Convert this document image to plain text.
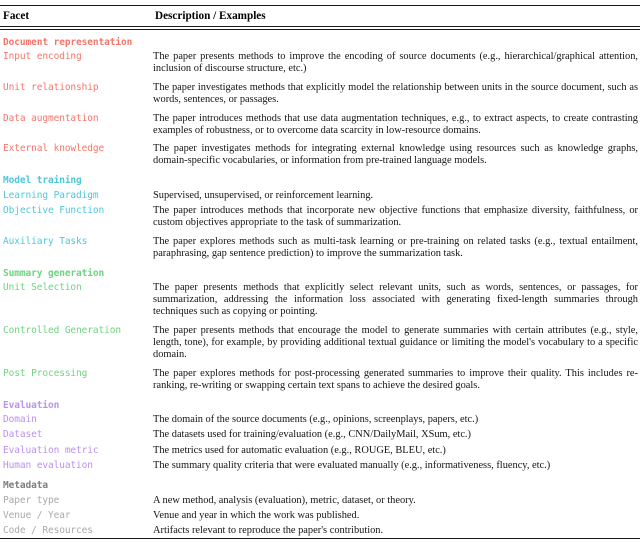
Facet	Description / Examples

Document representation	
Input encoding	The paper presents methods to improve the encoding of source documents (e.g., hierarchical/graphical attention, inclusion of discourse structure, etc.)
Unit relationship	The paper investigates methods that explicitly model the relationship between units in the source document, such as words, sentences, or passages.
Data augmentation	The paper introduces methods that use data augmentation techniques, e.g., to extract aspects, to create contrasting examples of robustness, or to overcome data scarcity in low-resource domains.
External knowledge	The paper investigates methods for integrating external knowledge using resources such as knowledge graphs, domain-specific vocabularies, or information from pre-trained language models.
Model training	
Learning Paradigm	Supervised, unsupervised, or reinforcement learning.
Objective Function	The paper introduces methods that incorporate new objective functions that emphasize diversity, faithfulness, or custom objectives appropriate to the task of summarization.
Auxiliary Tasks	The paper explores methods such as multi-task learning or pre-training on related tasks (e.g., textual entailment, paraphrasing, gap sentence prediction) to improve the summarization task.
Summary generation	
Unit Selection	The paper presents methods that explicitly select relevant units, such as words, sentences, or passages, for summarization, addressing the information loss associated with generating fixed-length summaries through techniques such as copying or pointing.
Controlled Generation	The paper presents methods that encourage the model to generate summaries with certain attributes (e.g., style, length, tone), for example, by providing additional textual guidance or limiting the model's vocabulary to a specific domain.
Post Processing	The paper explores methods for post-processing generated summaries to improve their quality. This includes re-ranking, re-writing or swapping certain text spans to achieve the desired goals.
Evaluation	
Domain	The domain of the source documents (e.g., opinions, screenplays, papers, etc.)
Dataset	The datasets used for training/evaluation (e.g., CNN/DailyMail, XSum, etc.)
Evaluation metric	The metrics used for automatic evaluation (e.g., ROUGE, BLEU, etc.)
Human evaluation	The summary quality criteria that were evaluated manually (e.g., informativeness, fluency, etc.)
Metadata	
Paper type	A new method, analysis (evaluation), metric, dataset, or theory.
Venue / Year	Venue and year in which the work was published.
Code / Resources	Artifacts relevant to reproduce the paper's contribution.
